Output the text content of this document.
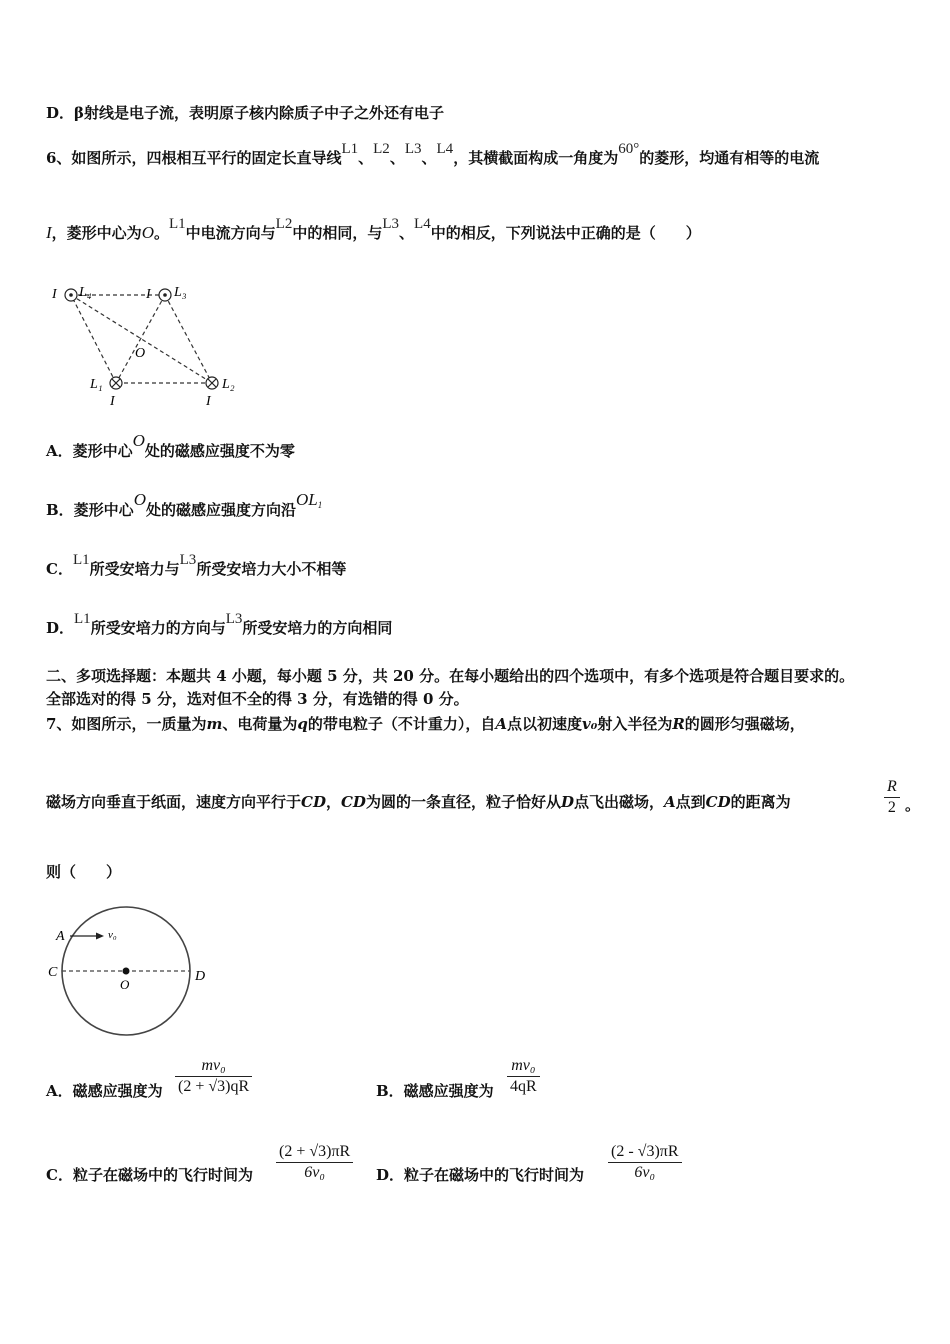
D．β射线是电子流，表明原子核内除质子中子之外还有电子
6、如图所示，四根相互平行的固定长直导线L1、L2、L3、L4，其横截面构成一角度为60°的菱形，均通有相等的电流
I，菱形中心为O。L1中电流方向与L2中的相同，与L3、L4中的相反，下列说法中正确的是（　　）
I L₄	I L₃
O
L₁	L₂
I	I
A．菱形中心O处的磁感应强度不为零
B．菱形中心O处的磁感应强度方向沿OL1
C．L1所受安培力与L3所受安培力大小不相等
D．L1所受安培力的方向与L3所受安培力的方向相同
二、多项选择题：本题共 4 小题，每小题 5 分，共 20 分。在每小题给出的四个选项中，有多个选项是符合题目要求的。
全部选对的得 5 分，选对但不全的得 3 分，有选错的得 0 分。
7、如图所示，一质量为m、电荷量为q的带电粒子（不计重力），自A点以初速度v₀射入半径为R的圆形匀强磁场，
磁场方向垂直于纸面，速度方向平行于CD，CD为圆的一条直径，粒子恰好从D点飞出磁场，A点到CD的距离为	$\frac{R}{2}$ 。
则（　　）
A	v₀
C	D
O
A．磁感应强度为 $\frac{\text{mv₀}}{(2 + √3)qR}$	B．磁感应强度为 $\frac{\text{mv₀}}{4qR}$
C．粒子在磁场中的飞行时间为 $\frac{(2 + √3)\pi R}{\text{6v₀}}$ D．粒子在磁场中的飞行时间为 $\frac{(2 - √3)\pi R}{\text{6v₀}}$
